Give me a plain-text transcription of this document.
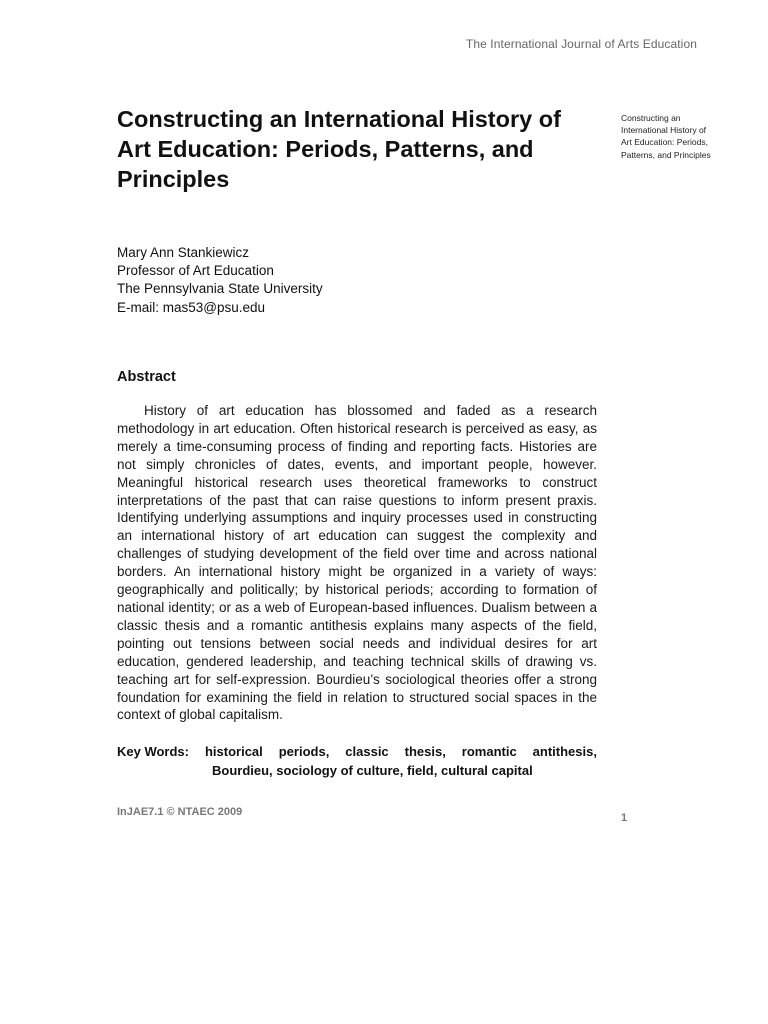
The International Journal of Arts Education
Constructing an International History of Art Education: Periods, Patterns, and Principles
Constructing an International History of Art Education: Periods, Patterns, and Principles
Mary Ann Stankiewicz
Professor of Art Education
The Pennsylvania State University
E-mail: mas53@psu.edu
Abstract

History of art education has blossomed and faded as a research methodology in art education. Often historical research is perceived as easy, as merely a time-consuming process of finding and reporting facts. Histories are not simply chronicles of dates, events, and important people, however. Meaningful historical research uses theoretical frameworks to construct interpretations of the past that can raise questions to inform present praxis. Identifying underlying assumptions and inquiry processes used in constructing an international history of art education can suggest the complexity and challenges of studying development of the field over time and across national borders. An international history might be organized in a variety of ways: geographically and politically; by historical periods; according to formation of national identity; or as a web of European-based influences. Dualism between a classic thesis and a romantic antithesis explains many aspects of the field, pointing out tensions between social needs and individual desires for art education, gendered leadership, and teaching technical skills of drawing vs. teaching art for self-expression. Bourdieu’s sociological theories offer a strong foundation for examining the field in relation to structured social spaces in the context of global capitalism.

Key Words: historical periods, classic thesis, romantic antithesis,
Bourdieu, sociology of culture, field, cultural capital
InJAE7.1 © NTAEC 2009	1
